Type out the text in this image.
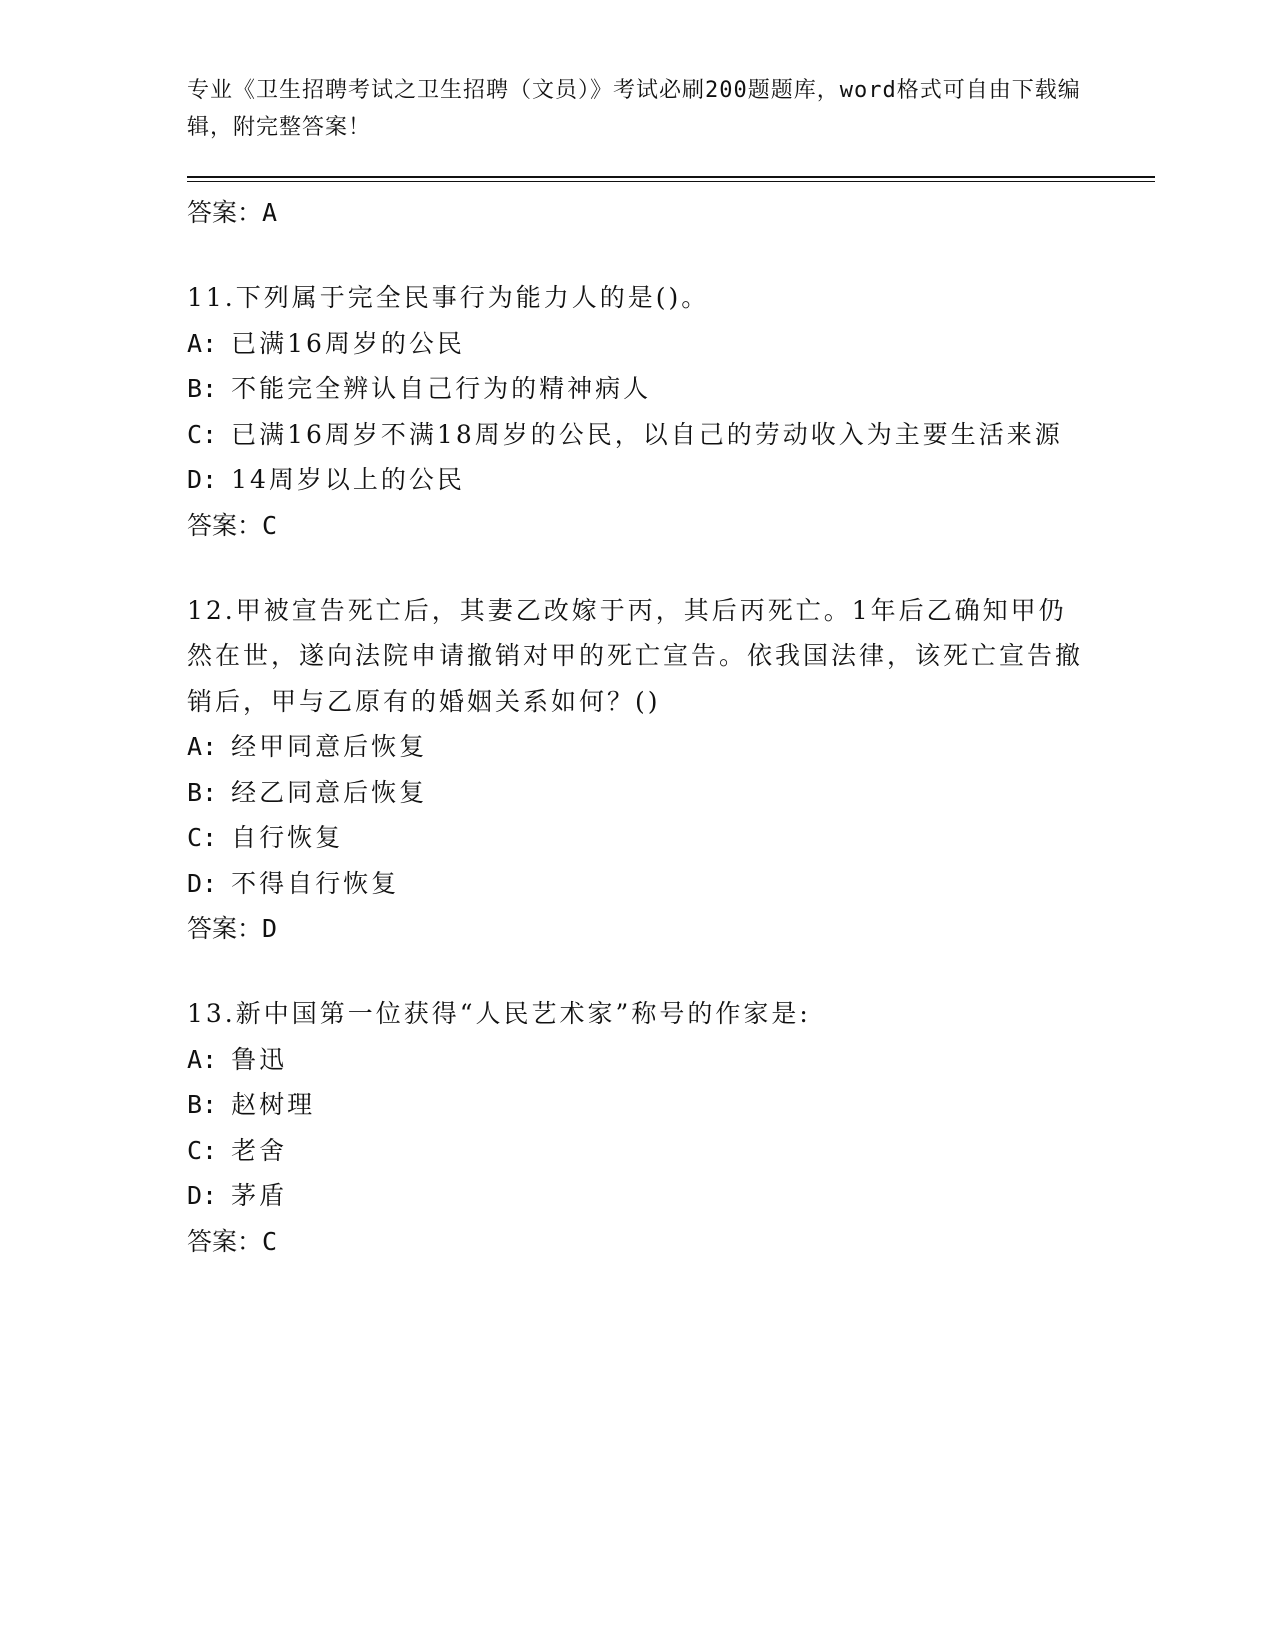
专业《卫生招聘考试之卫生招聘（文员）》考试必刷200题题库，word格式可自由下载编辑，附完整答案！

答案：A

11.下列属于完全民事行为能力人的是()。

A: 已满16周岁的公民

B: 不能完全辨认自己行为的精神病人

C: 已满16周岁不满18周岁的公民，以自己的劳动收入为主要生活来源

D: 14周岁以上的公民

答案：C

12.甲被宣告死亡后，其妻乙改嫁于丙，其后丙死亡。1年后乙确知甲仍然在世，遂向法院申请撤销对甲的死亡宣告。依我国法律，该死亡宣告撤销后，甲与乙原有的婚姻关系如何？()

A: 经甲同意后恢复

B: 经乙同意后恢复

C: 自行恢复

D: 不得自行恢复

答案：D

13.新中国第一位获得“人民艺术家”称号的作家是:

A: 鲁迅

B: 赵树理

C: 老舍

D: 茅盾

答案：C
